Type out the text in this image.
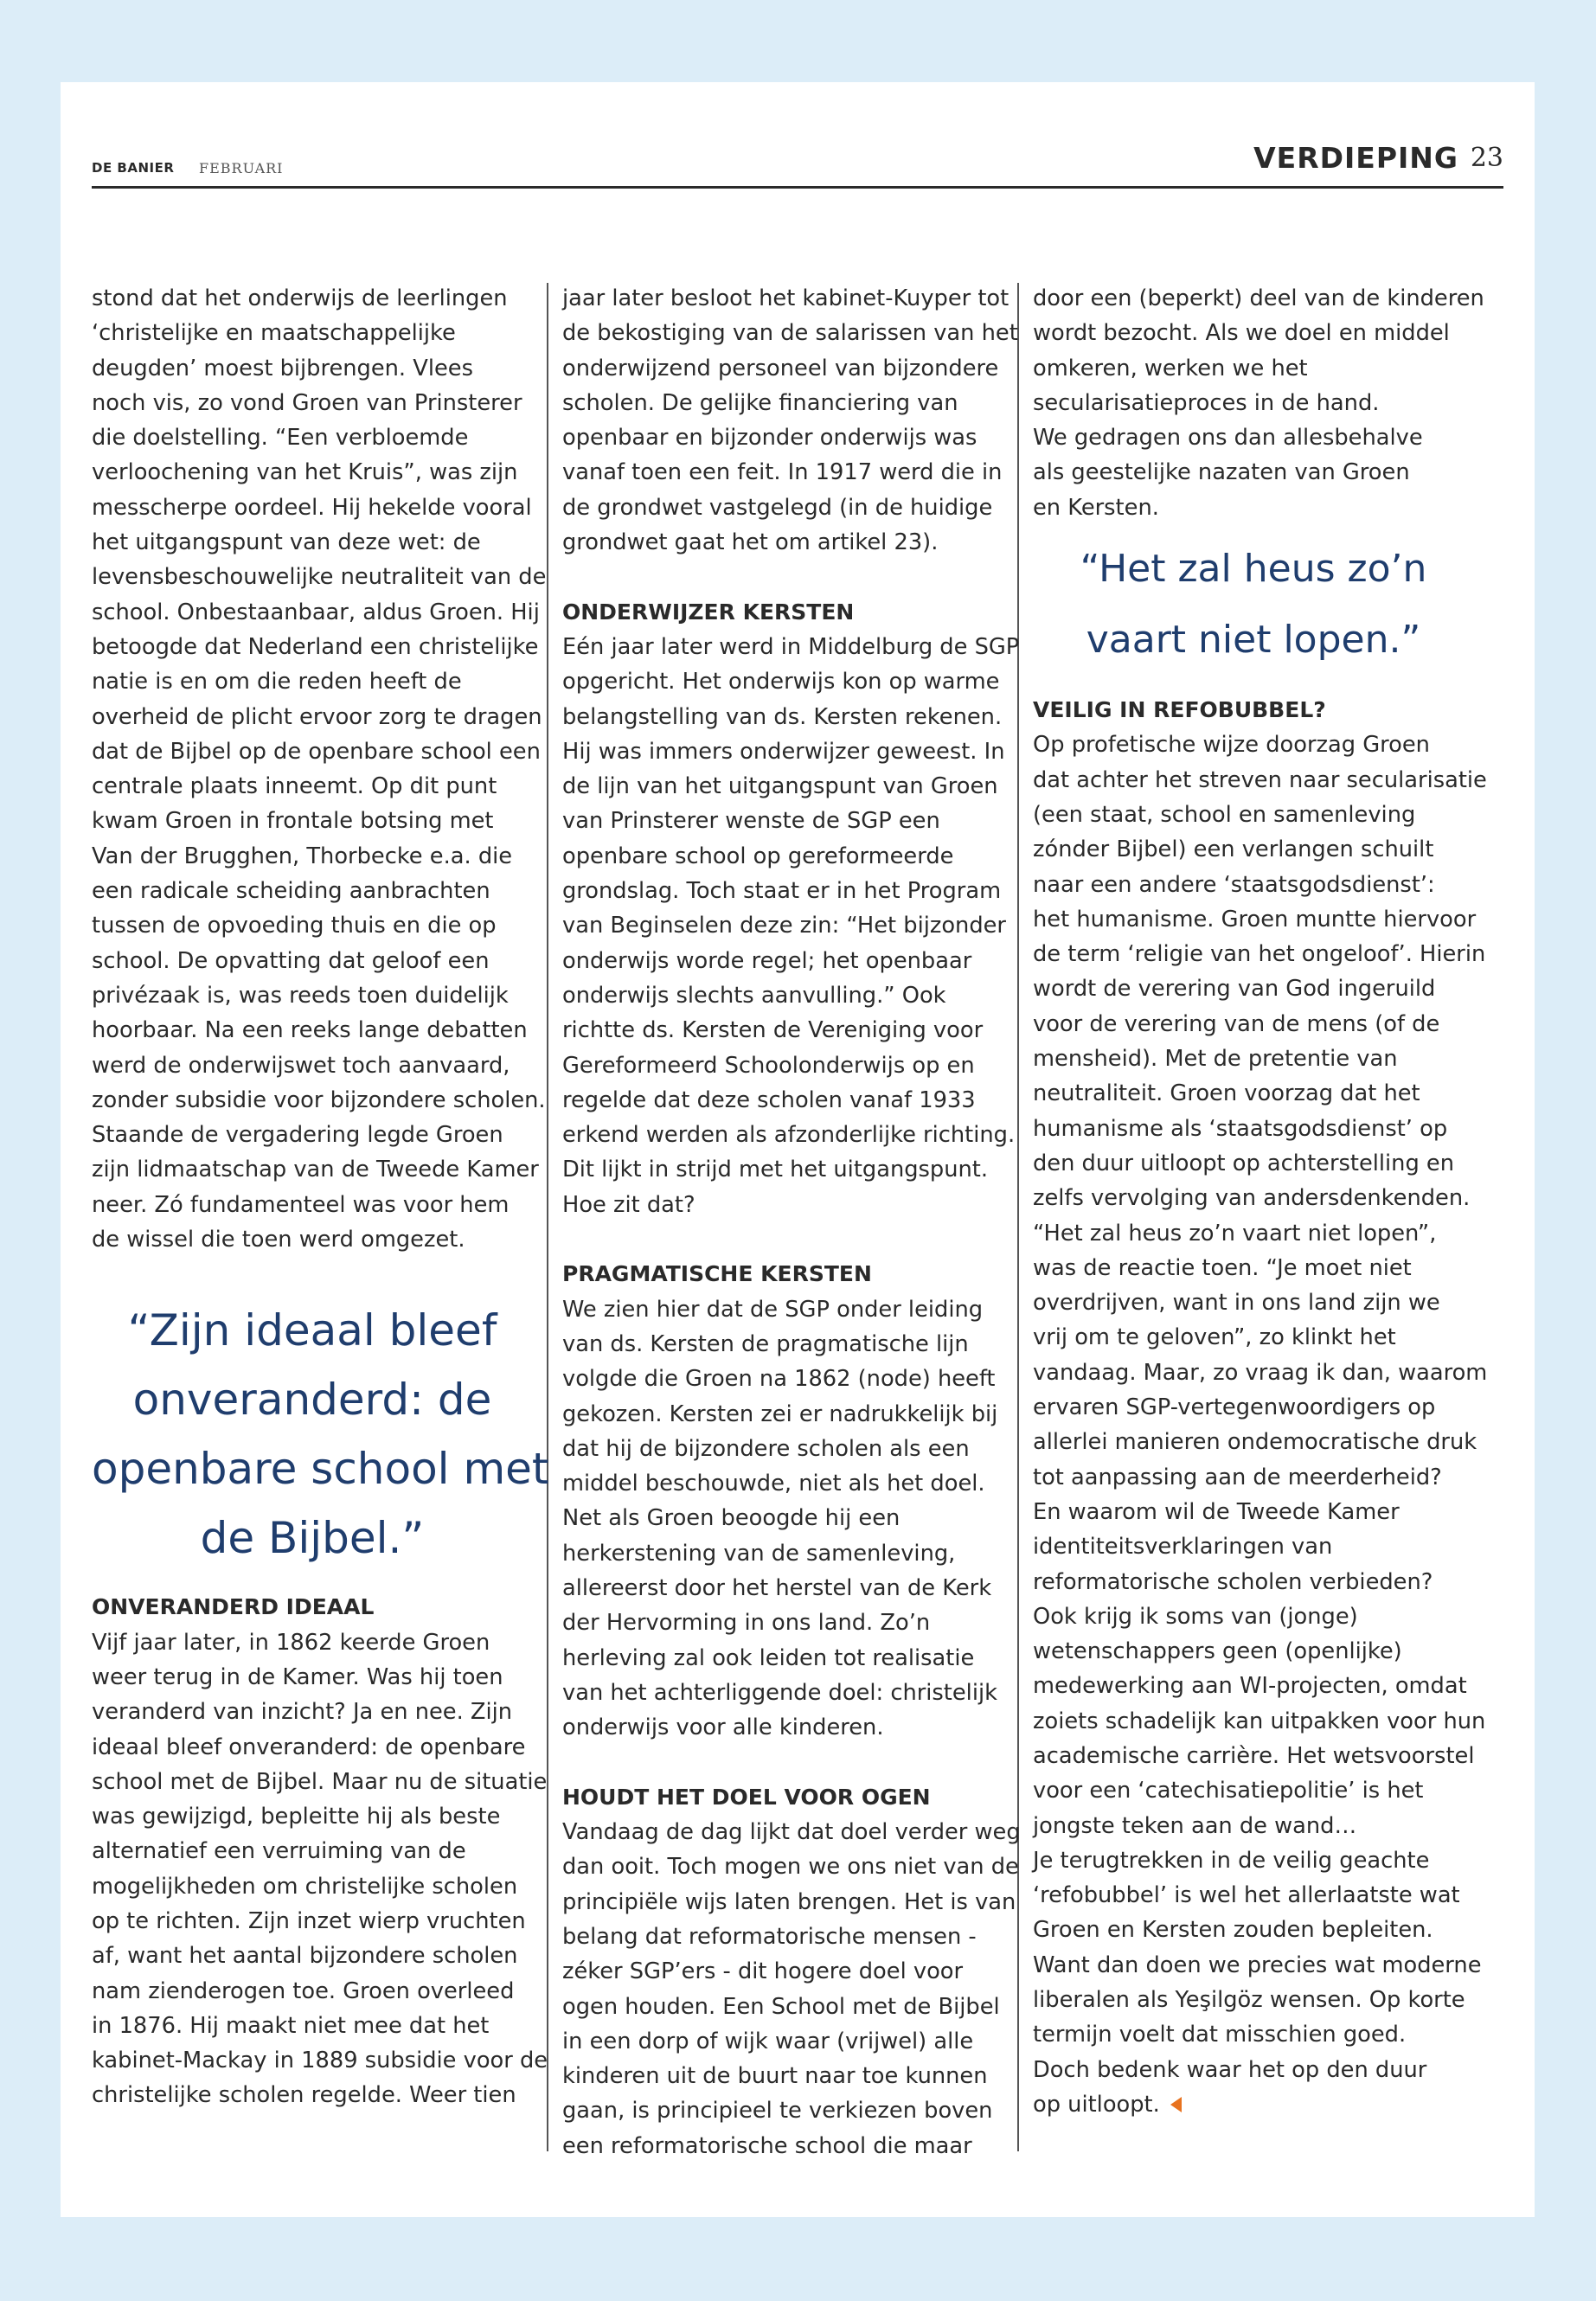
DE BANIER FEBRUARI	VERDIEPING 23
stond dat het onderwijs de leerlingen
‘christelijke en maatschappelijke
deugden’ moest bijbrengen. Vlees
noch vis, zo vond Groen van Prinsterer
die doelstelling. “Een verbloemde
verloochening van het Kruis”, was zijn
messcherpe oordeel. Hij hekelde vooral
het uitgangspunt van deze wet: de
levensbeschouwelijke neutraliteit van de
school. Onbestaanbaar, aldus Groen. Hij
betoogde dat Nederland een christelijke
natie is en om die reden heeft de
overheid de plicht ervoor zorg te dragen
dat de Bijbel op de openbare school een
centrale plaats inneemt. Op dit punt
kwam Groen in frontale botsing met
Van der Brugghen, Thorbecke e.a. die
een radicale scheiding aanbrachten
tussen de opvoeding thuis en die op
school. De opvatting dat geloof een
privézaak is, was reeds toen duidelijk
hoorbaar. Na een reeks lange debatten
werd de onderwijswet toch aanvaard,
zonder subsidie voor bijzondere scholen.
Staande de vergadering legde Groen
zijn lidmaatschap van de Tweede Kamer
neer. Zó fundamenteel was voor hem
de wissel die toen werd omgezet.
“Zijn ideaal bleef
onveranderd: de
openbare school met
de Bijbel.”
ONVERANDERD IDEAAL
Vijf jaar later, in 1862 keerde Groen
weer terug in de Kamer. Was hij toen
veranderd van inzicht? Ja en nee. Zijn
ideaal bleef onveranderd: de openbare
school met de Bijbel. Maar nu de situatie
was gewijzigd, bepleitte hij als beste
alternatief een verruiming van de
mogelijkheden om christelijke scholen
op te richten. Zijn inzet wierp vruchten
af, want het aantal bijzondere scholen
nam zienderogen toe. Groen overleed
in 1876. Hij maakt niet mee dat het
kabinet-Mackay in 1889 subsidie voor de
christelijke scholen regelde. Weer tien
jaar later besloot het kabinet-Kuyper tot
de bekostiging van de salarissen van het
onderwijzend personeel van bijzondere
scholen. De gelijke financiering van
openbaar en bijzonder onderwijs was
vanaf toen een feit. In 1917 werd die in
de grondwet vastgelegd (in de huidige
grondwet gaat het om artikel 23).
ONDERWIJZER KERSTEN
Eén jaar later werd in Middelburg de SGP
opgericht. Het onderwijs kon op warme
belangstelling van ds. Kersten rekenen.
Hij was immers onderwijzer geweest. In
de lijn van het uitgangspunt van Groen
van Prinsterer wenste de SGP een
openbare school op gereformeerde
grondslag. Toch staat er in het Program
van Beginselen deze zin: “Het bijzonder
onderwijs worde regel; het openbaar
onderwijs slechts aanvulling.” Ook
richtte ds. Kersten de Vereniging voor
Gereformeerd Schoolonderwijs op en
regelde dat deze scholen vanaf 1933
erkend werden als afzonderlijke richting.
Dit lijkt in strijd met het uitgangspunt.
Hoe zit dat?
PRAGMATISCHE KERSTEN
We zien hier dat de SGP onder leiding
van ds. Kersten de pragmatische lijn
volgde die Groen na 1862 (node) heeft
gekozen. Kersten zei er nadrukkelijk bij
dat hij de bijzondere scholen als een
middel beschouwde, niet als het doel.
Net als Groen beoogde hij een
herkerstening van de samenleving,
allereerst door het herstel van de Kerk
der Hervorming in ons land. Zo’n
herleving zal ook leiden tot realisatie
van het achterliggende doel: christelijk
onderwijs voor alle kinderen.
HOUDT HET DOEL VOOR OGEN
Vandaag de dag lijkt dat doel verder weg
dan ooit. Toch mogen we ons niet van de
principiële wijs laten brengen. Het is van
belang dat reformatorische mensen -
zéker SGP’ers - dit hogere doel voor
ogen houden. Een School met de Bijbel
in een dorp of wijk waar (vrijwel) alle
kinderen uit de buurt naar toe kunnen
gaan, is principieel te verkiezen boven
een reformatorische school die maar
door een (beperkt) deel van de kinderen
wordt bezocht. Als we doel en middel
omkeren, werken we het
secularisatieproces in de hand.
We gedragen ons dan allesbehalve
als geestelijke nazaten van Groen
en Kersten.
“Het zal heus zo’n
vaart niet lopen.”
VEILIG IN REFOBUBBEL?
Op profetische wijze doorzag Groen
dat achter het streven naar secularisatie
(een staat, school en samenleving
zónder Bijbel) een verlangen schuilt
naar een andere ‘staatsgodsdienst’:
het humanisme. Groen muntte hiervoor
de term ‘religie van het ongeloof’. Hierin
wordt de verering van God ingeruild
voor de verering van de mens (of de
mensheid). Met de pretentie van
neutraliteit. Groen voorzag dat het
humanisme als ‘staatsgodsdienst’ op
den duur uitloopt op achterstelling en
zelfs vervolging van andersdenkenden.
“Het zal heus zo’n vaart niet lopen”,
was de reactie toen. “Je moet niet
overdrijven, want in ons land zijn we
vrij om te geloven”, zo klinkt het
vandaag. Maar, zo vraag ik dan, waarom
ervaren SGP-vertegenwoordigers op
allerlei manieren ondemocratische druk
tot aanpassing aan de meerderheid?
En waarom wil de Tweede Kamer
identiteitsverklaringen van
reformatorische scholen verbieden?
Ook krijg ik soms van (jonge)
wetenschappers geen (openlijke)
medewerking aan WI-projecten, omdat
zoiets schadelijk kan uitpakken voor hun
academische carrière. Het wetsvoorstel
voor een ‘catechisatiepolitie’ is het
jongste teken aan de wand…
Je terugtrekken in de veilig geachte
‘refobubbel’ is wel het allerlaatste wat
Groen en Kersten zouden bepleiten.
Want dan doen we precies wat moderne
liberalen als Yeşilgöz wensen. Op korte
termijn voelt dat misschien goed.
Doch bedenk waar het op den duur
op uitloopt.
